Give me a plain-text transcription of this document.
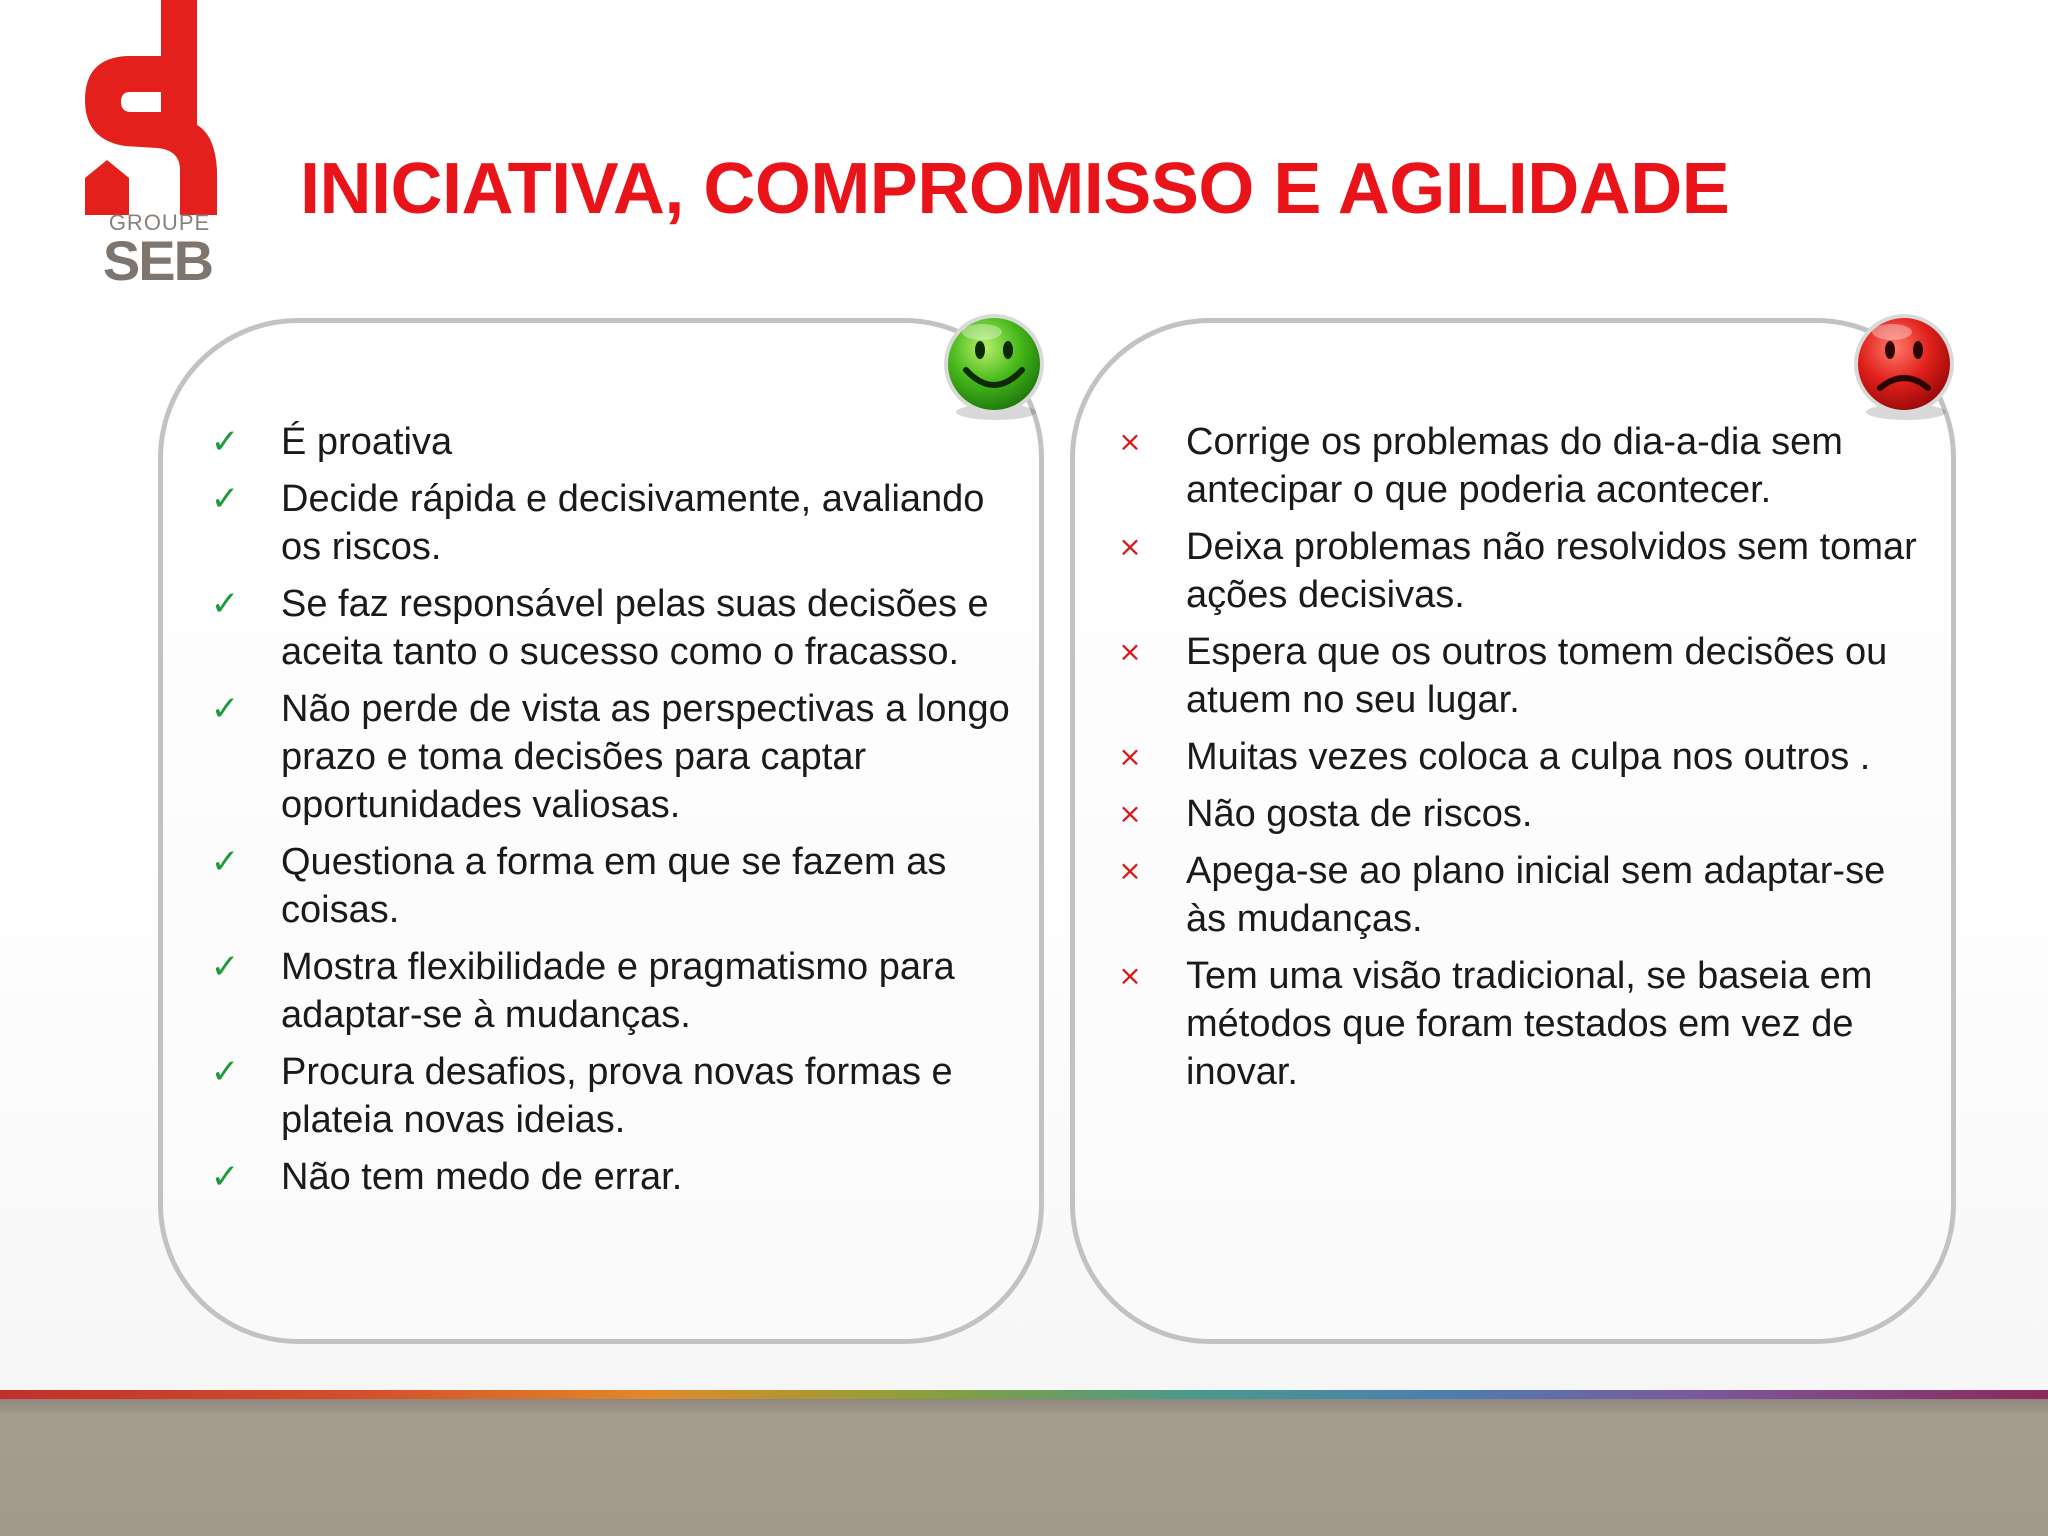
GROUPE
SEB
INICIATIVA, COMPROMISSO E AGILIDADE
✓ É proativa
✓ Decide rápida e decisivamente, avaliando os riscos.
✓ Se faz responsável pelas suas decisões e aceita tanto o sucesso como o fracasso.
✓ Não perde de vista as perspectivas a longo prazo e toma decisões para captar oportunidades valiosas.
✓ Questiona a forma em que se fazem as coisas.
✓ Mostra flexibilidade e pragmatismo para adaptar-se à mudanças.
✓ Procura desafios, prova novas formas e plateia novas ideias.
✓ Não tem medo de errar.
× Corrige os problemas do dia-a-dia sem antecipar o que poderia acontecer.
× Deixa problemas não resolvidos sem tomar ações decisivas.
× Espera que os outros tomem decisões ou atuem no seu lugar.
× Muitas vezes coloca a culpa nos outros .
× Não gosta de riscos.
× Apega-se ao plano inicial sem adaptar-se às mudanças.
× Tem uma visão tradicional, se baseia em métodos que foram testados em vez de inovar.
